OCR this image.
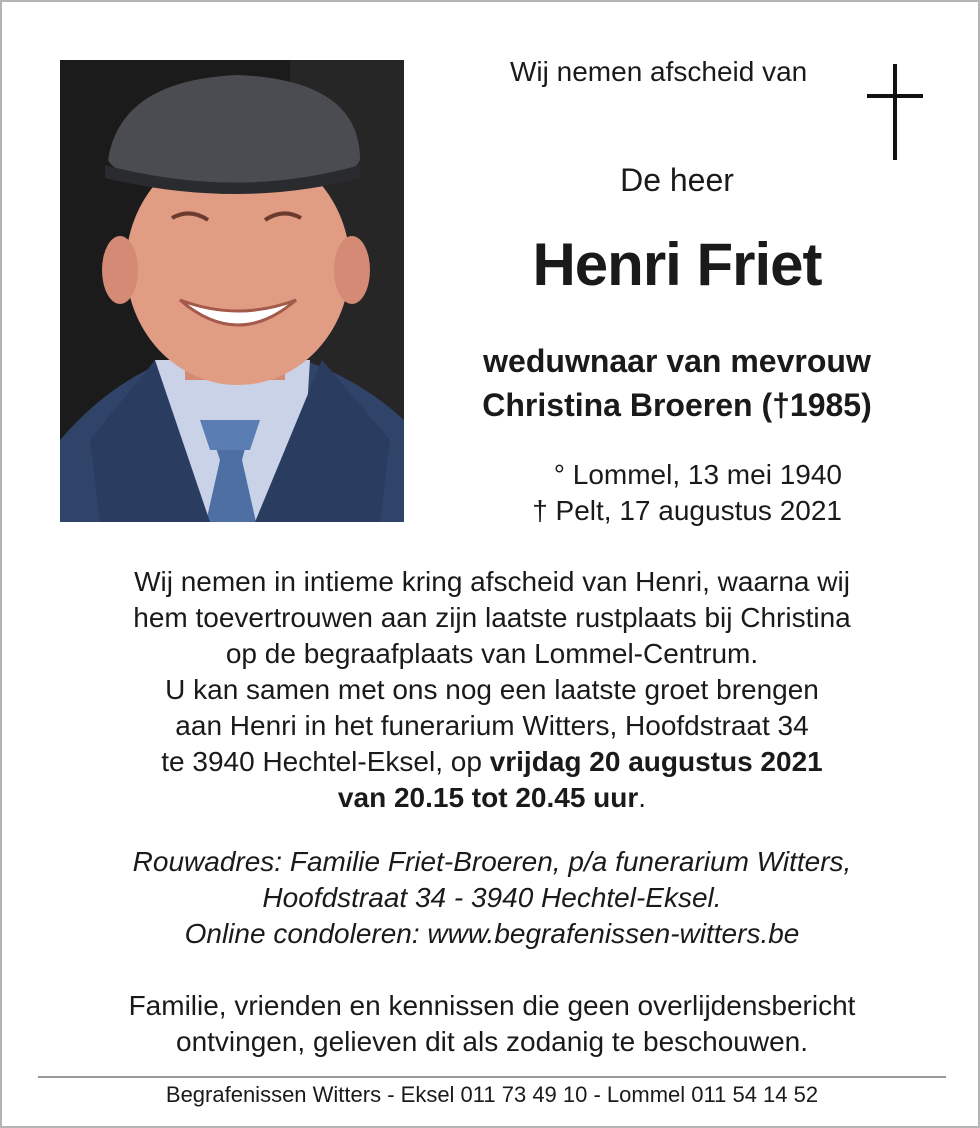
Wij nemen afscheid van
De heer
Henri Friet
weduwnaar van mevrouw
Christina Broeren (†1985)
° Lommel, 13 mei 1940
† Pelt, 17 augustus 2021
Wij nemen in intieme kring afscheid van Henri, waarna wij
hem toevertrouwen aan zijn laatste rustplaats bij Christina
op de begraafplaats van Lommel-Centrum.
U kan samen met ons nog een laatste groet brengen
aan Henri in het funerarium Witters, Hoofdstraat 34
te 3940 Hechtel-Eksel, op vrijdag 20 augustus 2021
van 20.15 tot 20.45 uur.
Rouwadres: Familie Friet-Broeren, p/a funerarium Witters,
Hoofdstraat 34 - 3940 Hechtel-Eksel.
Online condoleren: www.begrafenissen-witters.be
Familie, vrienden en kennissen die geen overlijdensbericht
ontvingen, gelieven dit als zodanig te beschouwen.
Begrafenissen Witters - Eksel 011 73 49 10 - Lommel 011 54 14 52
